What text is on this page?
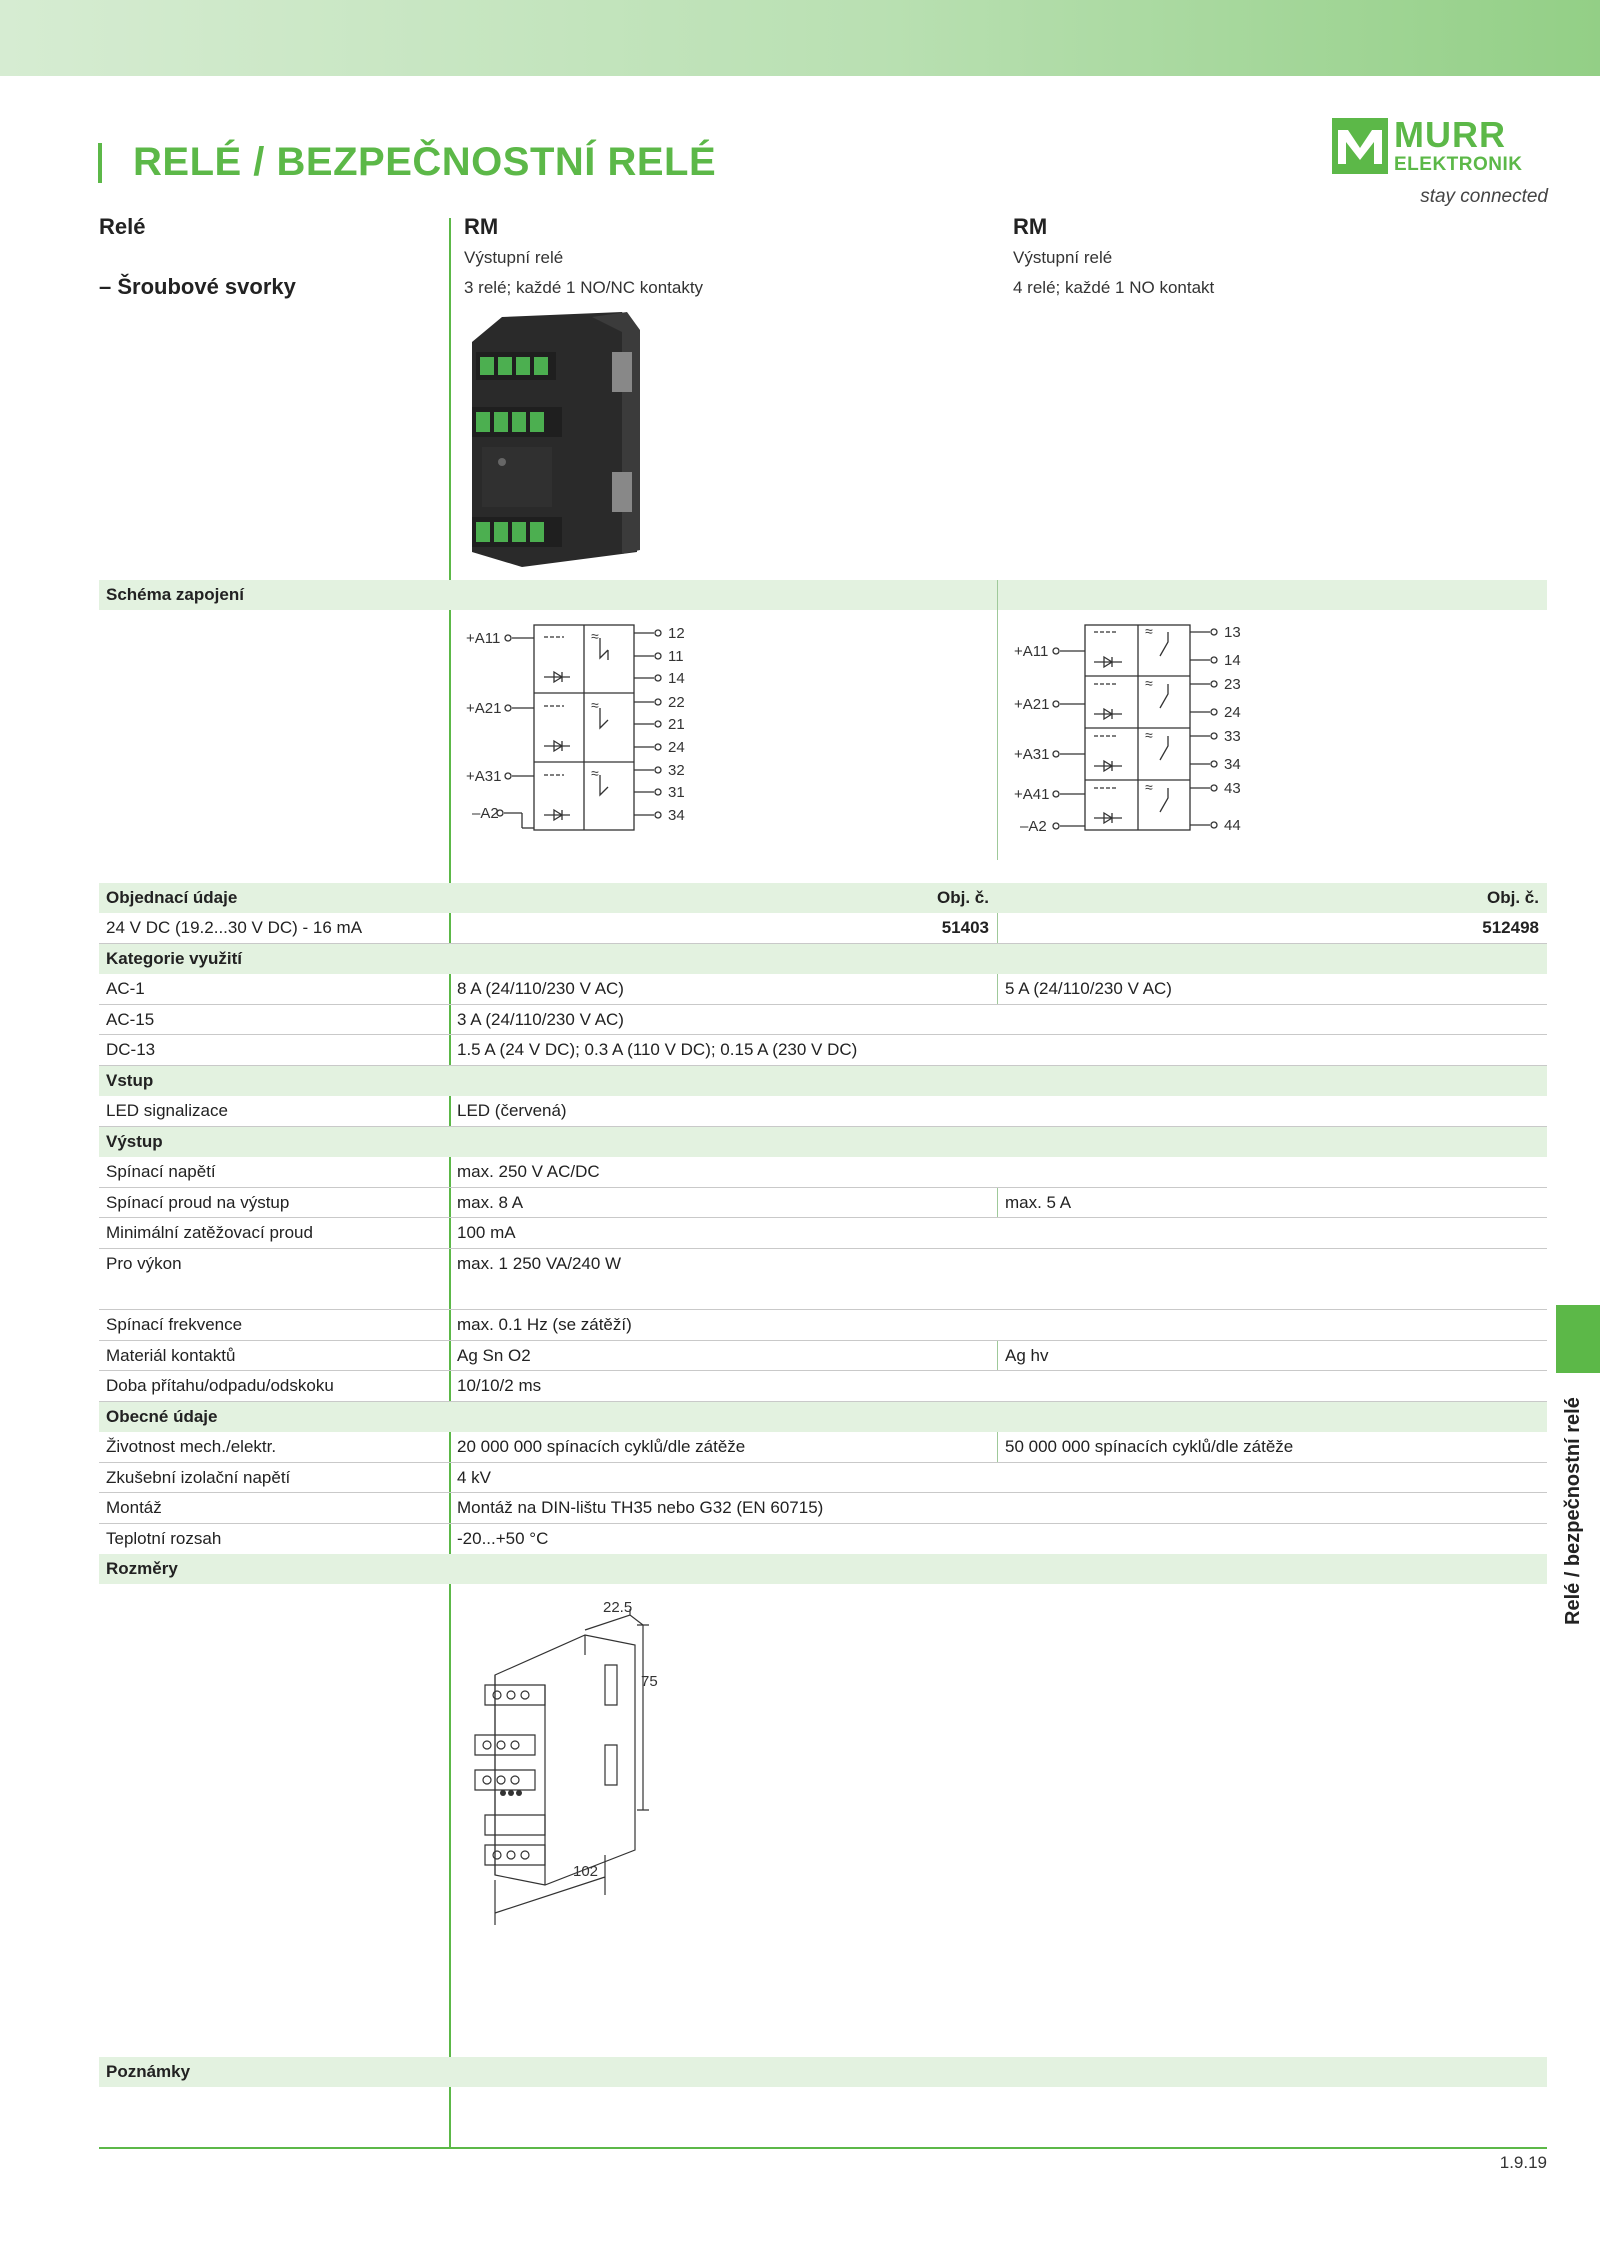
RELÉ / BEZPEČNOSTNÍ RELÉ
MURR
ELEKTRONIK
stay connected
Relé
– Šroubové svorky
RM
Výstupní relé
3 relé; každé 1 NO/NC kontakty
RM
Výstupní relé
4 relé; každé 1 NO kontakt
Schéma zapojení
≈
≈
≈
+A11
+A21
+A31
–A2
12
11
14
22
21
24
32
31
34
≈
≈
≈
≈
+A11
+A21
+A31
+A41
–A2
13
14
23
24
33
34
43
44
Objednací údaje	Obj. č.	Obj. č.
24 V DC (19.2...30 V DC) - 16 mA	51403	512498
Kategorie využití
AC-1	8 A (24/110/230 V AC)	5 A (24/110/230 V AC)
AC-15	3 A (24/110/230 V AC)
DC-13	1.5 A (24 V DC); 0.3 A (110 V DC); 0.15 A (230 V DC)
Vstup
LED signalizace	LED (červená)
Výstup
Spínací napětí	max. 250 V AC/DC
Spínací proud na výstup	max. 8 A	max. 5 A
Minimální zatěžovací proud	100 mA
Pro výkon	max. 1 250 VA/240 W
Spínací frekvence	max. 0.1 Hz (se zátěží)
Materiál kontaktů	Ag Sn O2	Ag hv
Doba přítahu/odpadu/odskoku	10/10/2 ms
Obecné údaje
Životnost mech./elektr.	20 000 000 spínacích cyklů/dle zátěže	50 000 000 spínacích cyklů/dle zátěže
Zkušební izolační napětí	4 kV
Montáž	Montáž na DIN-lištu TH35 nebo G32 (EN 60715)
Teplotní rozsah	-20...+50 °C
Rozměry
22.5
75
102
Poznámky
1.9.19
Relé / bezpečnostní relé
